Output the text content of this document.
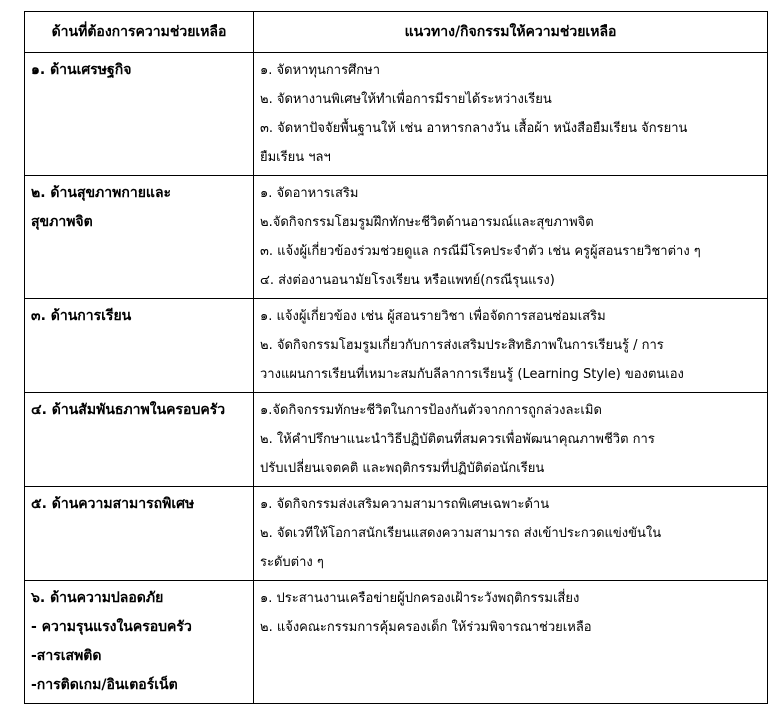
ด้านที่ต้องการความช่วยเหลือ	แนวทาง/กิจกรรมให้ความช่วยเหลือ

๑. ด้านเศรษฐกิจ	๑. จัดหาทุนการศึกษา
๒. จัดหางานพิเศษให้ทำเพื่อการมีรายได้ระหว่างเรียน
๓. จัดหาปัจจัยพื้นฐานให้ เช่น อาหารกลางวัน เสื้อผ้า หนังสือยืมเรียน จักรยาน
ยืมเรียน ฯลฯ

๒. ด้านสุขภาพกายและ
สุขภาพจิต	๑. จัดอาหารเสริม
๒.จัดกิจกรรมโฮมรูมฝึกทักษะชีวิตด้านอารมณ์และสุขภาพจิต
๓. แจ้งผู้เกี่ยวข้องร่วมช่วยดูแล กรณีมีโรคประจำตัว เช่น ครูผู้สอนรายวิชาต่าง ๆ
๔. ส่งต่องานอนามัยโรงเรียน หรือแพทย์(กรณีรุนแรง)

๓. ด้านการเรียน	๑. แจ้งผู้เกี่ยวข้อง เช่น ผู้สอนรายวิชา เพื่อจัดการสอนซ่อมเสริม
๒. จัดกิจกรรมโฮมรูมเกี่ยวกับการส่งเสริมประสิทธิภาพในการเรียนรู้ / การ
วางแผนการเรียนที่เหมาะสมกับลีลาการเรียนรู้ (Learning Style) ของตนเอง

๔. ด้านสัมพันธภาพในครอบครัว	๑.จัดกิจกรรมทักษะชีวิตในการป้องกันตัวจากการถูกล่วงละเมิด
๒. ให้คำปรึกษาแนะนำวิธีปฏิบัติตนที่สมควรเพื่อพัฒนาคุณภาพชีวิต การ
ปรับเปลี่ยนเจตคติ และพฤติกรรมที่ปฏิบัติต่อนักเรียน

๕. ด้านความสามารถพิเศษ	๑. จัดกิจกรรมส่งเสริมความสามารถพิเศษเฉพาะด้าน
๒. จัดเวทีให้โอกาสนักเรียนแสดงความสามารถ ส่งเข้าประกวดแข่งขันใน
ระดับต่าง ๆ

๖. ด้านความปลอดภัย
- ความรุนแรงในครอบครัว
-สารเสพติด
-การติดเกม/อินเตอร์เน็ต	๑. ประสานงานเครือข่ายผู้ปกครองเฝ้าระวังพฤติกรรมเสี่ยง
๒. แจ้งคณะกรรมการคุ้มครองเด็ก ให้ร่วมพิจารณาช่วยเหลือ
